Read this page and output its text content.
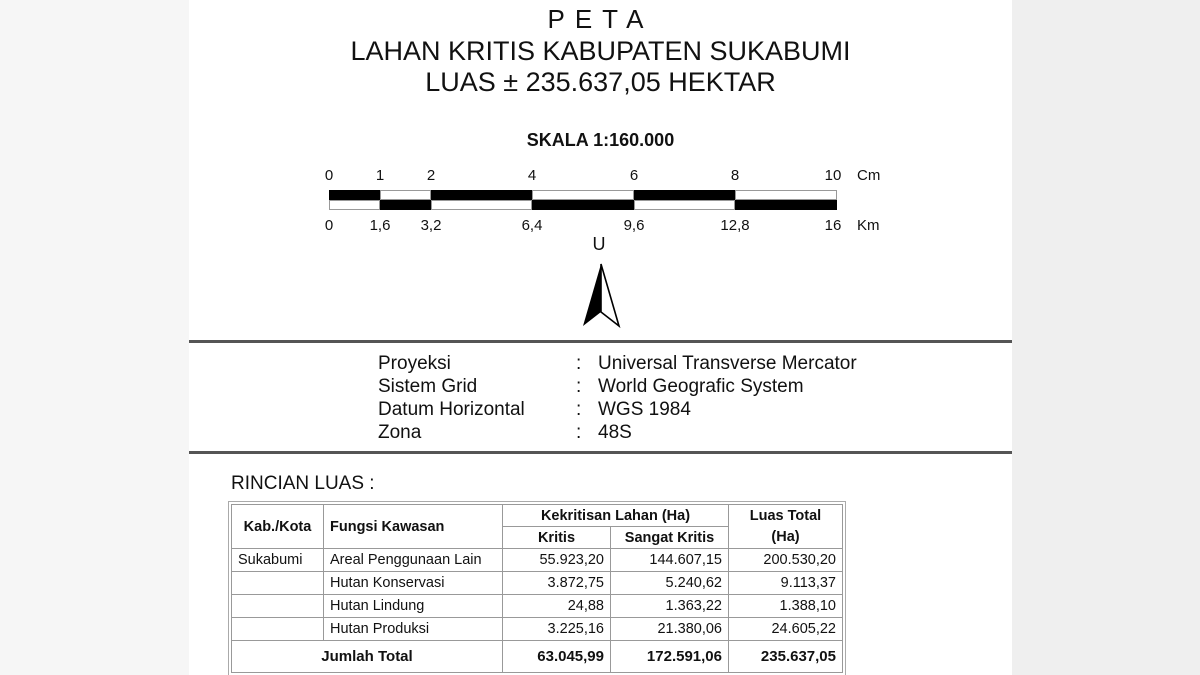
PETA
LAHAN KRITIS KABUPATEN SUKABUMI
LUAS ± 235.637,05 HEKTAR
SKALA 1:160.000
0	1	2	4	6	8	10 Cm
0 1,6 3,2	6,4	9,6	12,8	16 Km
U
Proyeksi	: Universal Transverse Mercator
Sistem Grid	: World Geografic System
Datum Horizontal	: WGS 1984
Zona	: 48S
RINCIAN LUAS :
Kab./Kota	Fungsi Kawasan	Kekritisan Lahan (Ha)		Luas Total
		Kritis	Sangat Kritis	(Ha)
Sukabumi	Areal Penggunaan Lain	55.923,20	144.607,15	200.530,20
	Hutan Konservasi	3.872,75	5.240,62	9.113,37
	Hutan Lindung	24,88	1.363,22	1.388,10
	Hutan Produksi	3.225,16	21.380,06	24.605,22
Jumlah Total		63.045,99	172.591,06	235.637,05
